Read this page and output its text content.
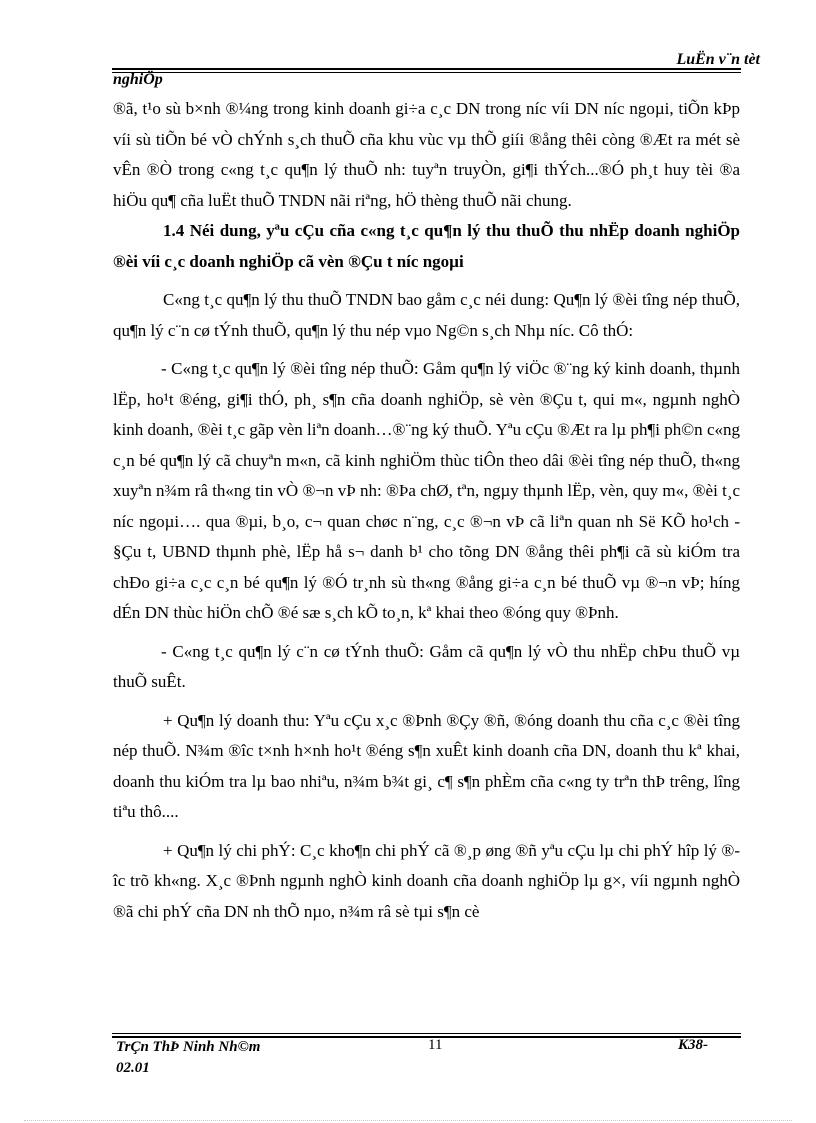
LuËn v¨n tèt
nghiÖp

®ã, t¹o sù b×nh ®¼ng trong kinh doanh gi÷a c¸c DN trong níc víi DN níc ngoµi, tiÕn kÞp víi sù tiÕn bé vÒ chÝnh s¸ch thuÕ cña khu vùc vµ thÕ giíi ®ång thêi còng ®Æt ra mét sè vÊn ®Ò trong c«ng t¸c qu¶n lý thuÕ nh: tuyªn truyÒn, gi¶i thÝch...®Ó ph¸t huy tèi ®a hiÖu qu¶ cña luËt thuÕ TNDN nãi riªng, hÖ thèng thuÕ nãi chung.

1.4 Néi dung, yªu cÇu cña c«ng t¸c qu¶n lý thu thuÕ thu nhËp doanh nghiÖp ®èi víi c¸c doanh nghiÖp cã vèn ®Çu t níc ngoµi

C«ng t¸c qu¶n lý thu thuÕ TNDN bao gåm c¸c néi dung: Qu¶n lý ®èi tîng nép thuÕ, qu¶n lý c¨n cø tÝnh thuÕ, qu¶n lý thu nép vµo Ng©n s¸ch Nhµ níc. Cô thÓ:

- C«ng t¸c qu¶n lý ®èi tîng nép thuÕ: Gåm qu¶n lý viÖc ®¨ng ký kinh doanh, thµnh lËp, ho¹t ®éng, gi¶i thÓ, ph¸ s¶n cña doanh nghiÖp, sè vèn ®Çu t, qui m«, ngµnh nghÒ kinh doanh, ®èi t¸c gãp vèn liªn doanh…®¨ng ký thuÕ. Yªu cÇu ®Æt ra lµ ph¶i ph©n c«ng c¸n bé qu¶n lý cã chuyªn m«n, cã kinh nghiÖm thùc tiÔn theo dâi ®èi tîng nép thuÕ, th«ng xuyªn n¾m râ th«ng tin vÒ ®¬n vÞ nh: ®Þa chØ, tªn, ngµy thµnh lËp, vèn, quy m«, ®èi t¸c níc ngoµi…. qua ®µi, b¸o, c¬ quan chøc n¨ng, c¸c ®¬n vÞ cã liªn quan nh Së KÕ ho¹ch - §Çu t, UBND thµnh phè, lËp hå s¬ danh b¹ cho tõng DN ®ång thêi ph¶i cã sù kiÓm tra chÐo gi÷a c¸c c¸n bé qu¶n lý ®Ó tr¸nh sù th«ng ®ång gi÷a c¸n bé thuÕ vµ ®¬n vÞ; híng dÉn DN thùc hiÖn chÕ ®é sæ s¸ch kÕ to¸n, kª khai theo ®óng quy ®Þnh.

- C«ng t¸c qu¶n lý c¨n cø tÝnh thuÕ: Gåm cã qu¶n lý vÒ thu nhËp chÞu thuÕ vµ thuÕ suÊt.

+ Qu¶n lý doanh thu: Yªu cÇu x¸c ®Þnh ®Çy ®ñ, ®óng doanh thu cña c¸c ®èi tîng nép thuÕ. N¾m ®îc t×nh h×nh ho¹t ®éng s¶n xuÊt kinh doanh cña DN, doanh thu kª khai, doanh thu kiÓm tra lµ bao nhiªu, n¾m b¾t gi¸ c¶ s¶n phÈm cña c«ng ty trªn thÞ trêng, lîng tiªu thô....

+ Qu¶n lý chi phÝ: C¸c kho¶n chi phÝ cã ®¸p øng ®ñ yªu cÇu lµ chi phÝ hîp lý ®îc trõ kh«ng. X¸c ®Þnh ngµnh nghÒ kinh doanh cña doanh nghiÖp lµ g×, víi ngµnh nghÒ ®ã chi phÝ cña DN nh thÕ nµo, n¾m râ sè tµi s¶n cè

TrÇn ThÞ Ninh Nh©m
02.01
11	K38-
